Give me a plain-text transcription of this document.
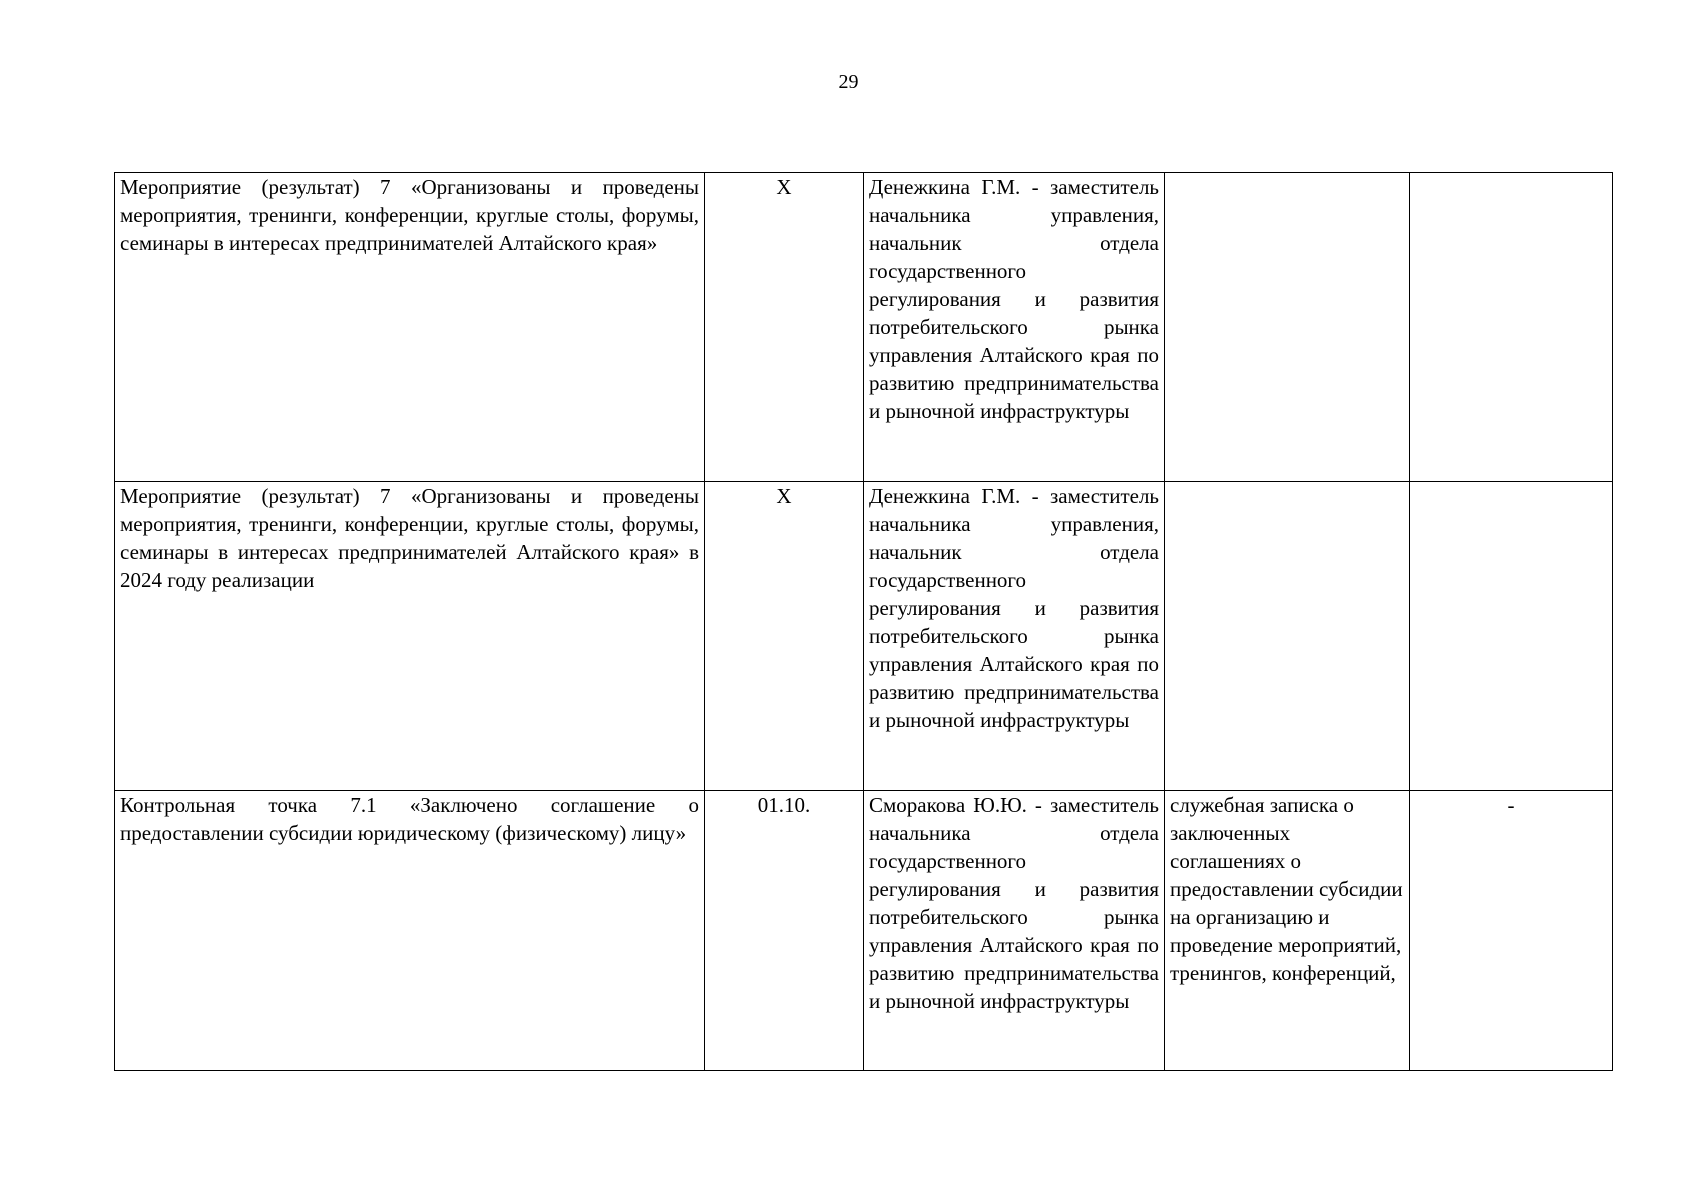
29
Мероприятие (результат) 7 «Организованы и проведены мероприятия, тренинги, конференции, круглые столы, форумы, семинары в интересах предпринимателей Алтайского края»	Х	Денежкина Г.М. - заместитель начальника управления, начальник отдела государственного регулирования и развития потребительского рынка управления Алтайского края по развитию предпринимательства и рыночной инфраструктуры		
Мероприятие (результат) 7 «Организованы и проведены мероприятия, тренинги, конференции, круглые столы, форумы, семинары в интересах предпринимателей Алтайского края» в 2024 году реализации	Х	Денежкина Г.М. - заместитель начальника управления, начальник отдела государственного регулирования и развития потребительского рынка управления Алтайского края по развитию предпринимательства и рыночной инфраструктуры		
Контрольная точка 7.1 «Заключено соглашение о предоставлении субсидии юридическому (физическому) лицу»	01.10.	Сморакова Ю.Ю. - заместитель начальника отдела государственного регулирования и развития потребительского рынка управления Алтайского края по развитию предпринимательства и рыночной инфраструктуры	служебная записка о заключенных соглашениях о предоставлении субсидии на организацию и проведение мероприятий, тренингов, конференций,	-
